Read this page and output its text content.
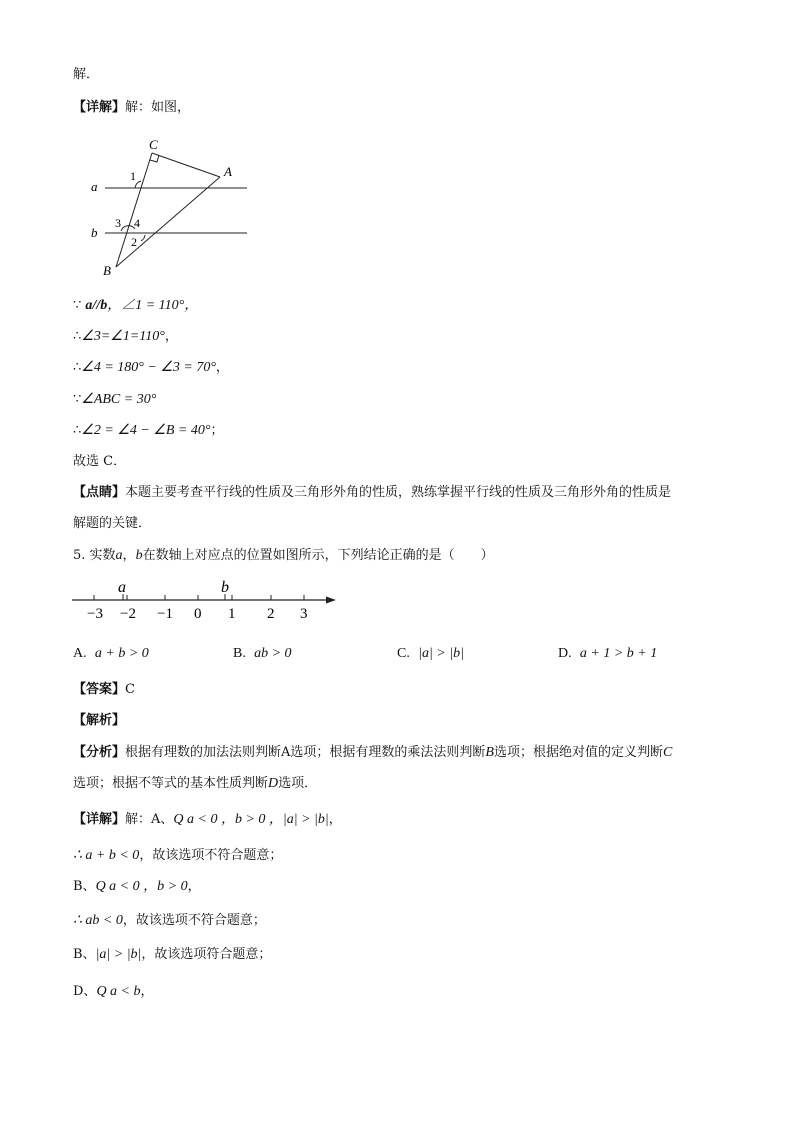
解．
【详解】解：如图，
C
A
B
a
b
1
3 4
2
∵ a//b，∠1 = 110°，
∴∠3=∠1=110°，
∴∠4 = 180° − ∠3 = 70°，
∵∠ABC = 30°
∴∠2 = ∠4 − ∠B = 40°；
故选 C．
【点睛】本题主要考查平行线的性质及三角形外角的性质，熟练掌握平行线的性质及三角形外角的性质是
解题的关键．
5. 实数a，b在数轴上对应点的位置如图所示，下列结论正确的是（　　）
−3 −2 −1 0 1 2 3
a	b
A. a + b > 0	B. ab > 0	C. |a| > |b|	D. a + 1 > b + 1
【答案】C
【解析】
【分析】根据有理数的加法法则判断A选项；根据有理数的乘法法则判断B选项；根据绝对值的定义判断C
选项；根据不等式的基本性质判断D选项．
【详解】解：A、Q a < 0 ，b > 0 ，|a| > |b|，
∴ a + b < 0，故该选项不符合题意；
B、Q a < 0 ，b > 0，
∴ ab < 0，故该选项不符合题意；
B、|a| > |b|，故该选项符合题意；
D、Q a < b，
